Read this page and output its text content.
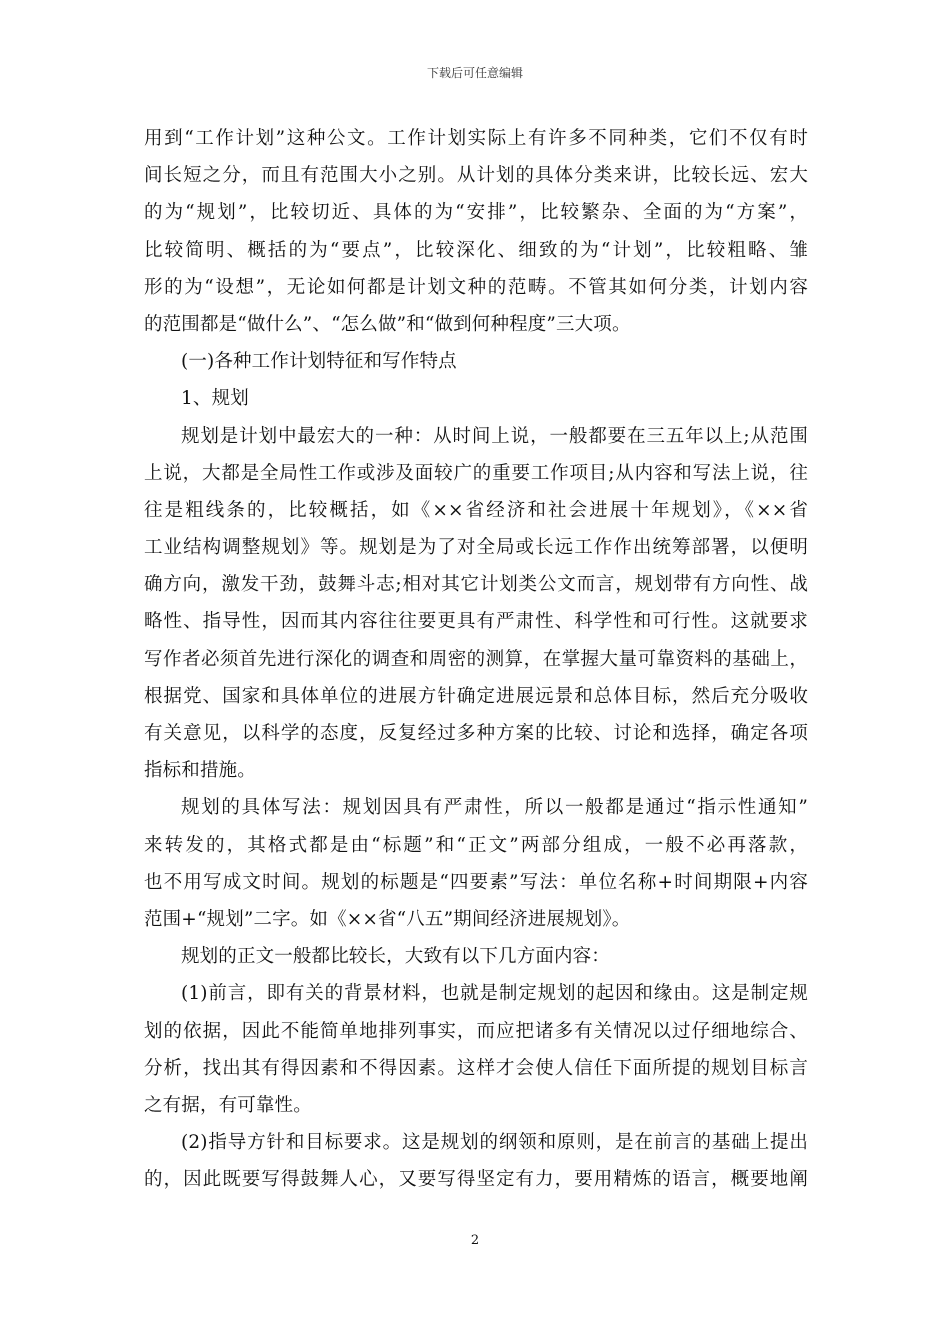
下载后可任意编辑
用到“工作计划”这种公文。工作计划实际上有许多不同种类，它们不仅有时
间长短之分，而且有范围大小之别。从计划的具体分类来讲，比较长远、宏大
的为“规划”，比较切近、具体的为“安排”，比较繁杂、全面的为“方案”，
比较简明、概括的为“要点”，比较深化、细致的为“计划”，比较粗略、雏
形的为“设想”，无论如何都是计划文种的范畴。不管其如何分类，计划内容
的范围都是“做什么”、“怎么做”和“做到何种程度”三大项。
(一)各种工作计划特征和写作特点
1、规划
规划是计划中最宏大的一种：从时间上说，一般都要在三五年以上;从范围
上说，大都是全局性工作或涉及面较广的重要工作项目;从内容和写法上说，往
往是粗线条的，比较概括，如《××省经济和社会进展十年规划》，《××省
工业结构调整规划》等。规划是为了对全局或长远工作作出统筹部署，以便明
确方向，激发干劲，鼓舞斗志;相对其它计划类公文而言，规划带有方向性、战
略性、指导性，因而其内容往往要更具有严肃性、科学性和可行性。这就要求
写作者必须首先进行深化的调查和周密的测算，在掌握大量可靠资料的基础上，
根据党、国家和具体单位的进展方针确定进展远景和总体目标，然后充分吸收
有关意见，以科学的态度，反复经过多种方案的比较、讨论和选择，确定各项
指标和措施。
规划的具体写法：规划因具有严肃性，所以一般都是通过“指示性通知”
来转发的，其格式都是由“标题”和“正文”两部分组成，一般不必再落款，
也不用写成文时间。规划的标题是“四要素”写法：单位名称+时间期限+内容
范围+“规划”二字。如《××省“八五”期间经济进展规划》。
规划的正文一般都比较长，大致有以下几方面内容：
(1)前言，即有关的背景材料，也就是制定规划的起因和缘由。这是制定规
划的依据，因此不能简单地排列事实，而应把诸多有关情况以过仔细地综合、
分析，找出其有得因素和不得因素。这样才会使人信任下面所提的规划目标言
之有据，有可靠性。
(2)指导方针和目标要求。这是规划的纲领和原则，是在前言的基础上提出
的，因此既要写得鼓舞人心，又要写得坚定有力，要用精炼的语言，概要地阐
2
